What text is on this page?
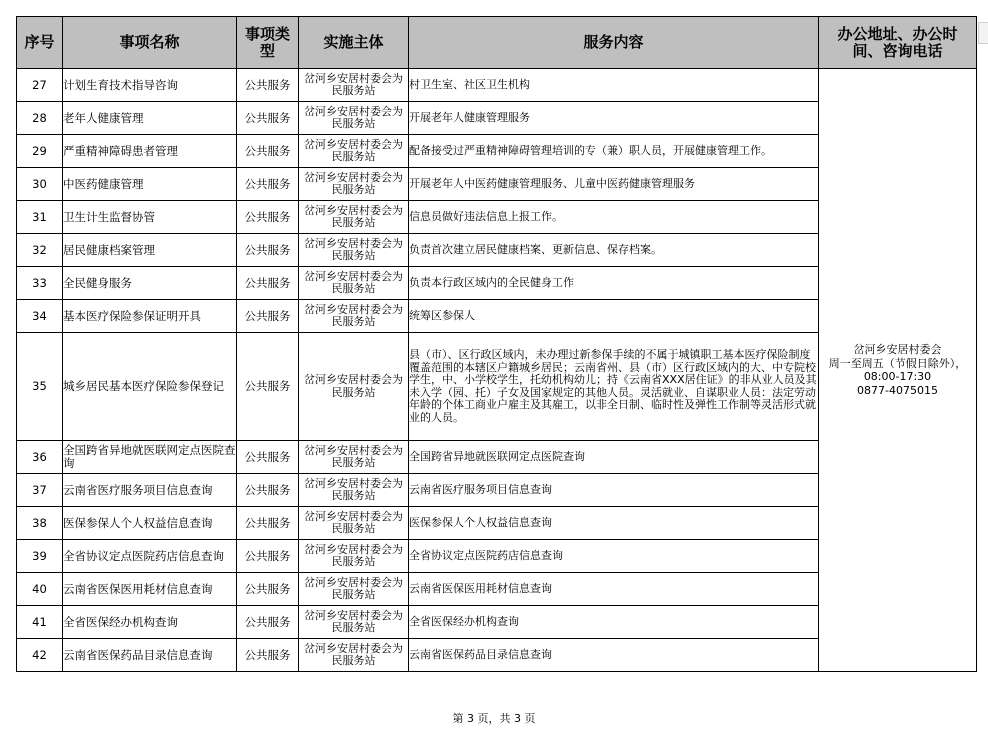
序号	事项名称	事项类型	实施主体	服务内容	办公地址、办公时间、咨询电话
27	计划生育技术指导咨询	公共服务	岔河乡安居村委会为民服务站	村卫生室、社区卫生机构	岔河乡安居村委会
周一至周五（节假日除外），08:00-17:30
0877-4075015

28	老年人健康管理	公共服务	岔河乡安居村委会为民服务站	开展老年人健康管理服务	
29	严重精神障碍患者管理	公共服务	岔河乡安居村委会为民服务站	配备接受过严重精神障碍管理培训的专（兼）职人员，开展健康管理工作。	
30	中医药健康管理	公共服务	岔河乡安居村委会为民服务站	开展老年人中医药健康管理服务、儿童中医药健康管理服务	
31	卫生计生监督协管	公共服务	岔河乡安居村委会为民服务站	信息员做好违法信息上报工作。	
32	居民健康档案管理	公共服务	岔河乡安居村委会为民服务站	负责首次建立居民健康档案、更新信息、保存档案。	
33	全民健身服务	公共服务	岔河乡安居村委会为民服务站	负责本行政区域内的全民健身工作	
34	基本医疗保险参保证明开具	公共服务	岔河乡安居村委会为民服务站	统筹区参保人	
35	城乡居民基本医疗保险参保登记	公共服务	岔河乡安居村委会为民服务站	县（市）、区行政区域内，未办理过新参保手续的不属于城镇职工基本医疗保险制度覆盖范围的本辖区户籍城乡居民；云南省州、县（市）区行政区域内的大、中专院校学生，中、小学校学生，托幼机构幼儿；持《云南省XXX居住证》的非从业人员及其未入学（园、托）子女及国家规定的其他人员。灵活就业、自谋职业人员：法定劳动年龄的个体工商业户雇主及其雇工，以非全日制、临时性及弹性工作制等灵活形式就业的人员。	
36	全国跨省异地就医联网定点医院查询	公共服务	岔河乡安居村委会为民服务站	全国跨省异地就医联网定点医院查询	
37	云南省医疗服务项目信息查询	公共服务	岔河乡安居村委会为民服务站	云南省医疗服务项目信息查询	
38	医保参保人个人权益信息查询	公共服务	岔河乡安居村委会为民服务站	医保参保人个人权益信息查询	
39	全省协议定点医院药店信息查询	公共服务	岔河乡安居村委会为民服务站	全省协议定点医院药店信息查询	
40	云南省医保医用耗材信息查询	公共服务	岔河乡安居村委会为民服务站	云南省医保医用耗材信息查询	
41	全省医保经办机构查询	公共服务	岔河乡安居村委会为民服务站	全省医保经办机构查询	
42	云南省医保药品目录信息查询	公共服务	岔河乡安居村委会为民服务站	云南省医保药品目录信息查询	
第 3 页，共 3 页
